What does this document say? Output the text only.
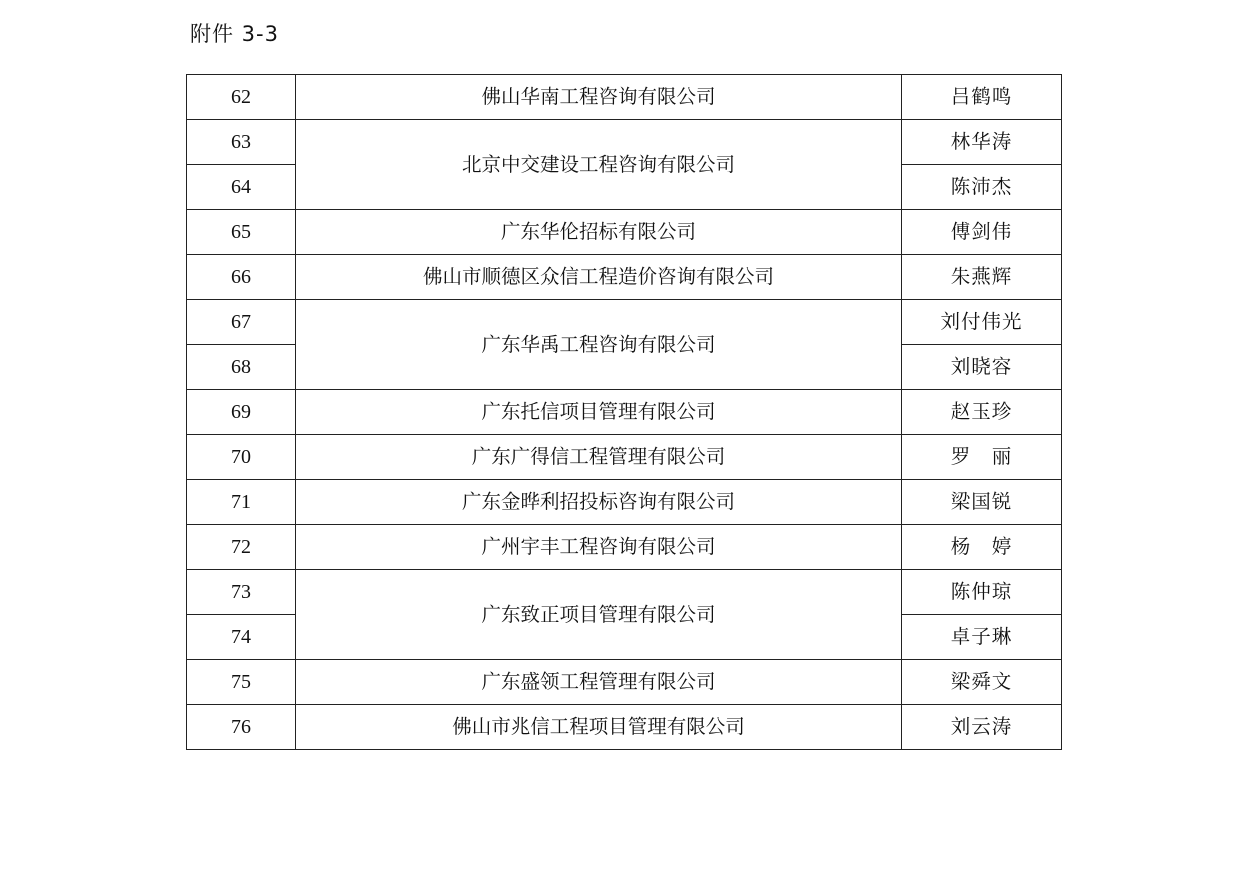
附件 3-3
62	佛山华南工程咨询有限公司	吕鹤鸣
63	北京中交建设工程咨询有限公司	林华涛
64		陈沛杰
65	广东华伦招标有限公司	傅剑伟
66	佛山市顺德区众信工程造价咨询有限公司	朱燕辉
67	广东华禹工程咨询有限公司	刘付伟光
68		刘晓容
69	广东托信项目管理有限公司	赵玉珍
70	广东广得信工程管理有限公司	罗　丽
71	广东金晔利招投标咨询有限公司	梁国锐
72	广州宇丰工程咨询有限公司	杨　婷
73	广东致正项目管理有限公司	陈仲琼
74		卓子琳
75	广东盛领工程管理有限公司	梁舜文
76	佛山市兆信工程项目管理有限公司	刘云涛
